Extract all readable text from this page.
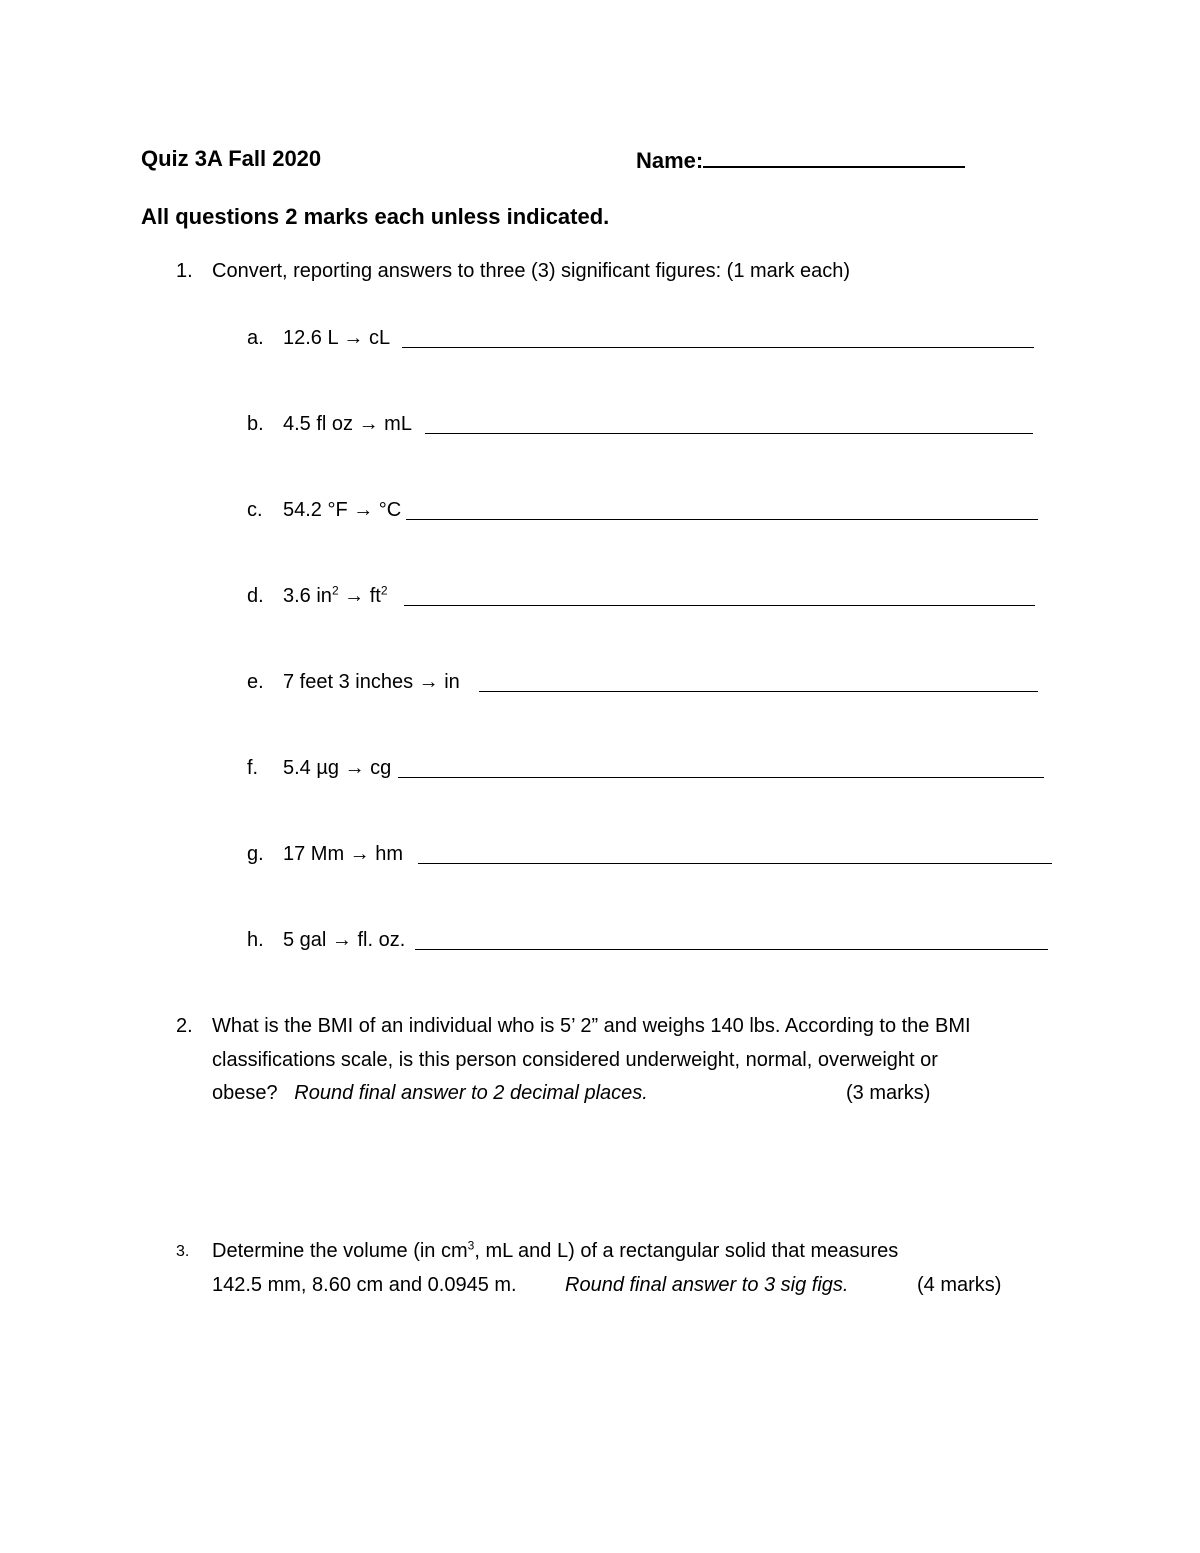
Quiz 3A Fall 2020	Name:
All questions 2 marks each unless indicated.
1. Convert, reporting answers to three (3) significant figures: (1 mark each)
a. 12.6 L → cL
b. 4.5 fl oz → mL
c. 54.2 °F → °C
d. 3.6 $in^2 \to ft^2$
e. 7 feet 3 inches → in
f. 5.4 µg → cg
g. 17 Mm → hm
h. 5 gal → fl. oz.
2. What is the BMI of an individual who is 5’ 2” and weighs 140 lbs. According to the BMI
classifications scale, is this person considered underweight, normal, overweight or
obese? Round final answer to 2 decimal places.	(3 marks)
3. Determine the volume (in $cm^3$, mL and L) of a rectangular solid that measures
142.5 mm, 8.60 cm and 0.0945 m. Round final answer to 3 sig figs.	(4 marks)
